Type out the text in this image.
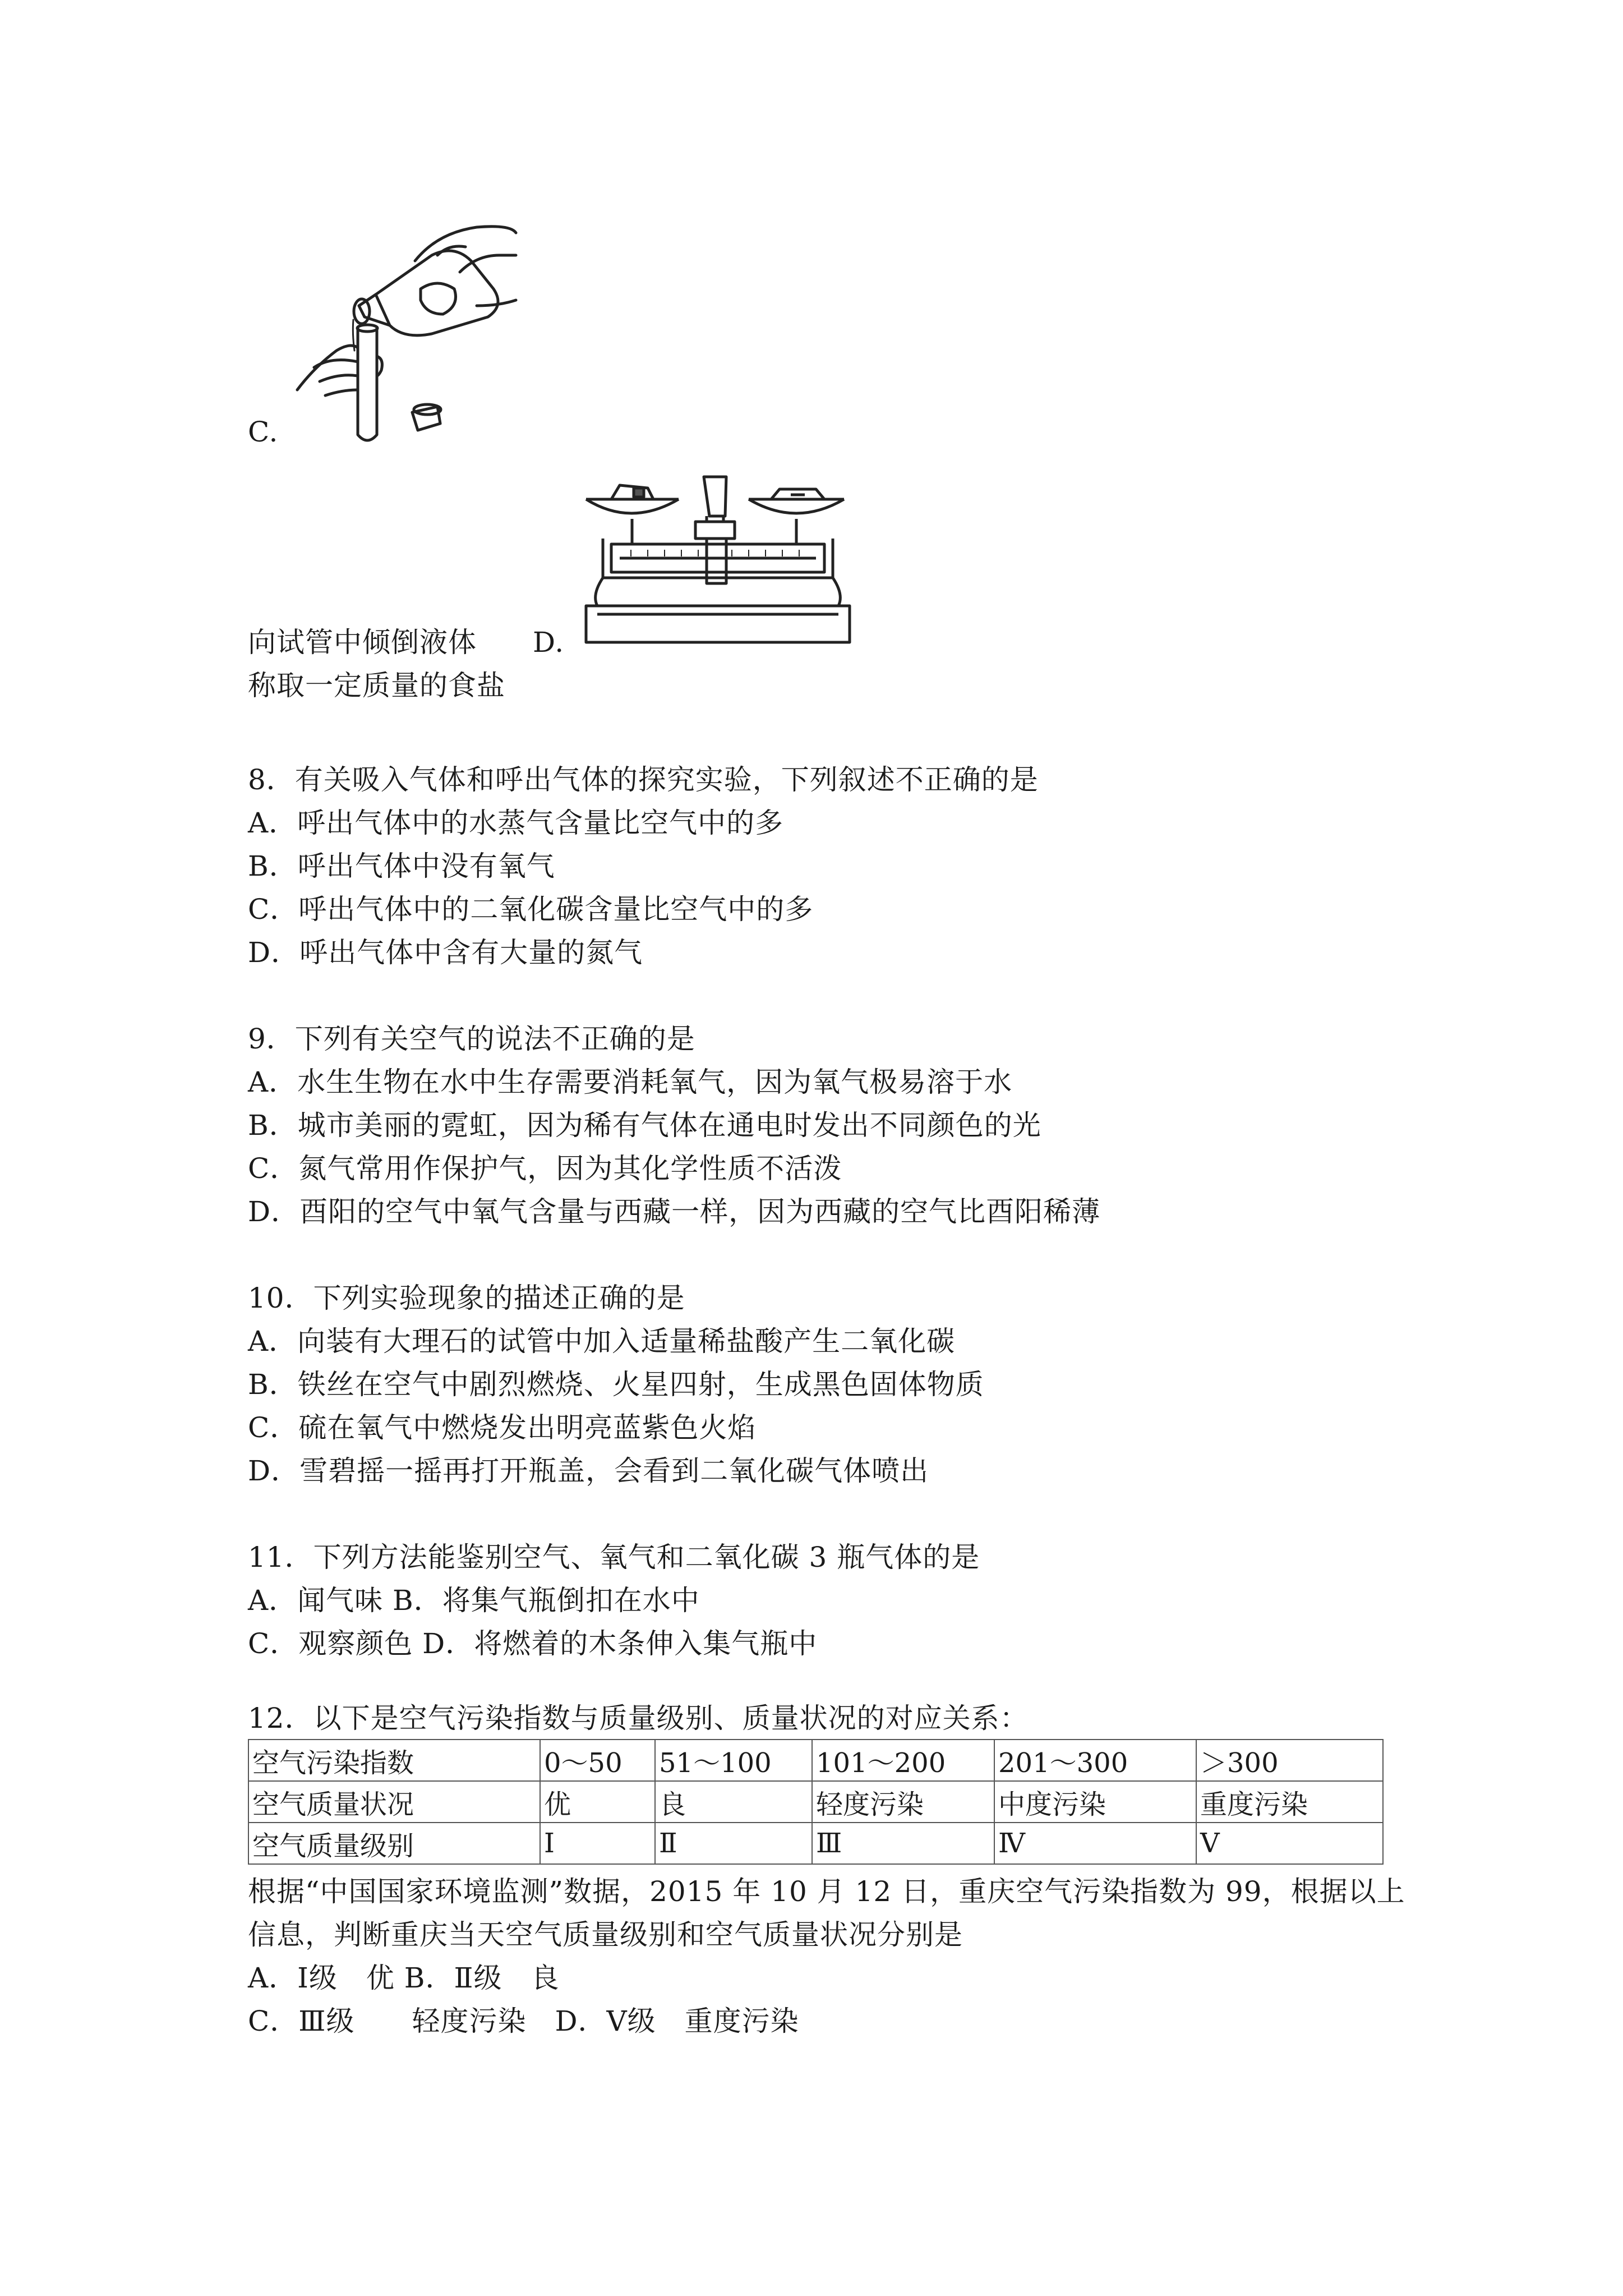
C.
向试管中倾倒液体 D.
称取一定质量的食盐
8．有关吸入气体和呼出气体的探究实验，下列叙述不正确的是
A．呼出气体中的水蒸气含量比空气中的多
B．呼出气体中没有氧气
C．呼出气体中的二氧化碳含量比空气中的多
D．呼出气体中含有大量的氮气
9．下列有关空气的说法不正确的是
A．水生生物在水中生存需要消耗氧气，因为氧气极易溶于水
B．城市美丽的霓虹，因为稀有气体在通电时发出不同颜色的光
C．氮气常用作保护气，因为其化学性质不活泼
D．酉阳的空气中氧气含量与西藏一样，因为西藏的空气比酉阳稀薄
10．下列实验现象的描述正确的是
A．向装有大理石的试管中加入适量稀盐酸产生二氧化碳
B．铁丝在空气中剧烈燃烧、火星四射，生成黑色固体物质
C．硫在氧气中燃烧发出明亮蓝紫色火焰
D．雪碧摇一摇再打开瓶盖，会看到二氧化碳气体喷出
11．下列方法能鉴别空气、氧气和二氧化碳 3 瓶气体的是
A．闻气味 B．将集气瓶倒扣在水中
C．观察颜色 D．将燃着的木条伸入集气瓶中
12．以下是空气污染指数与质量级别、质量状况的对应关系：
空气污染指数	0～50	51～100	101～200	201～300	＞300
空气质量状况	优	良	轻度污染	中度污染	重度污染
空气质量级别	Ⅰ	Ⅱ	Ⅲ	Ⅳ	Ⅴ
根据“中国国家环境监测”数据，2015 年 10 月 12 日，重庆空气污染指数为 99，根据以上
信息，判断重庆当天空气质量级别和空气质量状况分别是
A．Ⅰ级　优 B．Ⅱ级　良
C．Ⅲ级　　轻度污染　D．Ⅴ级　重度污染
